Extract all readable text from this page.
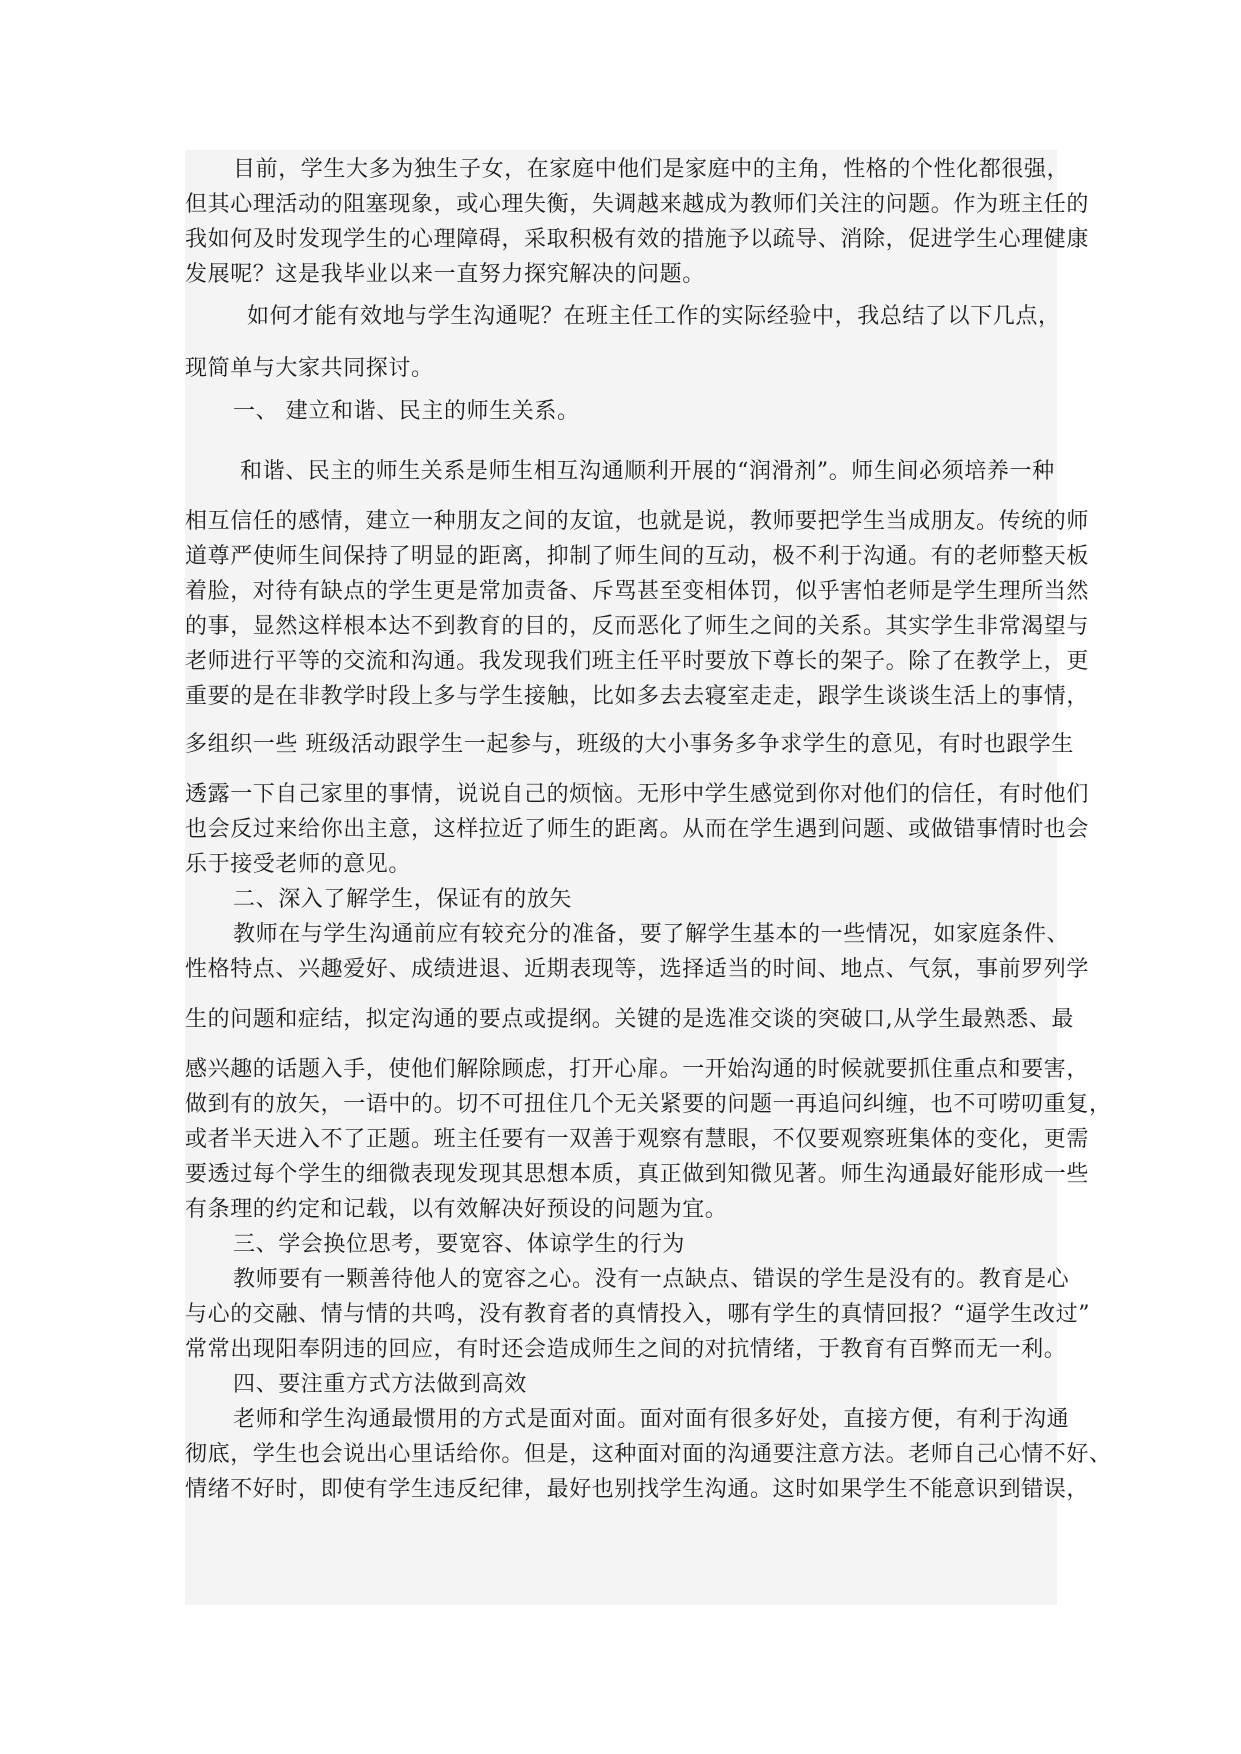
目前，学生大多为独生子女，在家庭中他们是家庭中的主角，性格的个性化都很强，
但其心理活动的阻塞现象，或心理失衡，失调越来越成为教师们关注的问题。作为班主任的
我如何及时发现学生的心理障碍，采取积极有效的措施予以疏导、消除，促进学生心理健康
发展呢？这是我毕业以来一直努力探究解决的问题。
如何才能有效地与学生沟通呢？在班主任工作的实际经验中，我总结了以下几点，
现简单与大家共同探讨。
一、 建立和谐、民主的师生关系。
和谐、民主的师生关系是师生相互沟通顺利开展的“润滑剂”。师生间必须培养一种
相互信任的感情，建立一种朋友之间的友谊，也就是说，教师要把学生当成朋友。传统的师
道尊严使师生间保持了明显的距离，抑制了师生间的互动，极不利于沟通。有的老师整天板
着脸，对待有缺点的学生更是常加责备、斥骂甚至变相体罚，似乎害怕老师是学生理所当然
的事，显然这样根本达不到教育的目的，反而恶化了师生之间的关系。其实学生非常渴望与
老师进行平等的交流和沟通。我发现我们班主任平时要放下尊长的架子。除了在教学上，更
重要的是在非教学时段上多与学生接触，比如多去去寝室走走，跟学生谈谈生活上的事情，
多组织一些 班级活动跟学生一起参与，班级的大小事务多争求学生的意见，有时也跟学生
透露一下自己家里的事情，说说自己的烦恼。无形中学生感觉到你对他们的信任，有时他们
也会反过来给你出主意，这样拉近了师生的距离。从而在学生遇到问题、或做错事情时也会
乐于接受老师的意见。
二、深入了解学生，保证有的放矢
教师在与学生沟通前应有较充分的准备，要了解学生基本的一些情况，如家庭条件、
性格特点、兴趣爱好、成绩进退、近期表现等，选择适当的时间、地点、气氛，事前罗列学
生的问题和症结，拟定沟通的要点或提纲。关键的是选准交谈的突破口,从学生最熟悉、最
感兴趣的话题入手，使他们解除顾虑，打开心扉。一开始沟通的时候就要抓住重点和要害，
做到有的放矢，一语中的。切不可扭住几个无关紧要的问题一再追问纠缠，也不可唠叨重复，
或者半天进入不了正题。班主任要有一双善于观察有慧眼，不仅要观察班集体的变化，更需
要透过每个学生的细微表现发现其思想本质，真正做到知微见著。师生沟通最好能形成一些
有条理的约定和记载，以有效解决好预设的问题为宜。
三、学会换位思考，要宽容、体谅学生的行为
教师要有一颗善待他人的宽容之心。没有一点缺点、错误的学生是没有的。教育是心
与心的交融、情与情的共鸣，没有教育者的真情投入，哪有学生的真情回报？“逼学生改过”
常常出现阳奉阴违的回应，有时还会造成师生之间的对抗情绪，于教育有百弊而无一利。
四、要注重方式方法做到高效
老师和学生沟通最惯用的方式是面对面。面对面有很多好处，直接方便，有利于沟通
彻底，学生也会说出心里话给你。但是，这种面对面的沟通要注意方法。老师自己心情不好、
情绪不好时，即使有学生违反纪律，最好也别找学生沟通。这时如果学生不能意识到错误，
